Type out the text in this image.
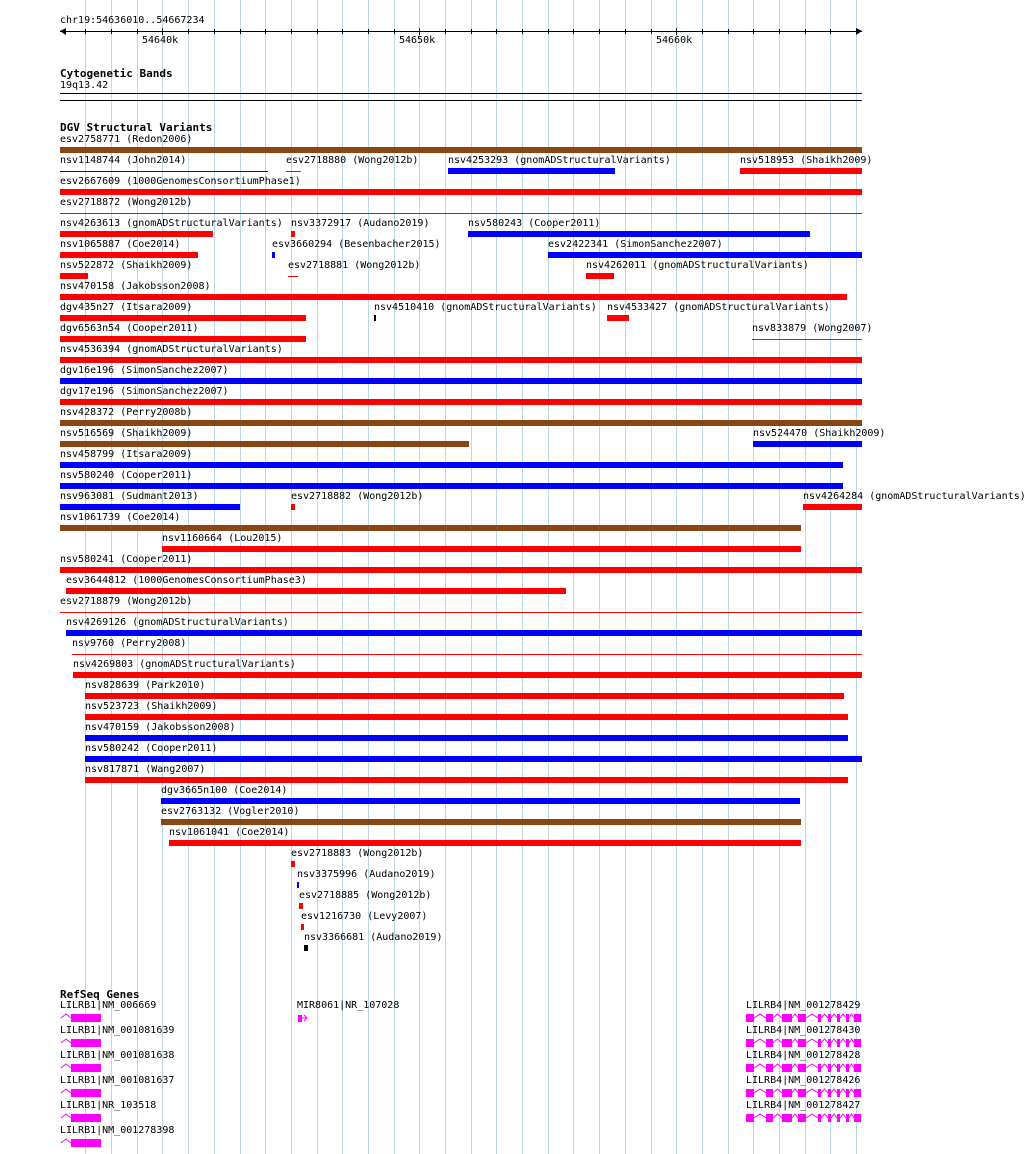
chr19:54636010..54667234
54640k	54650k	54660k
Cytogenetic Bands
19q13.42
DGV Structural Variants
esv2758771 (Redon2006)
nsv1148744 (John2014)	esv2718880 (Wong2012b)	nsv4253293 (gnomADStructuralVariants)	nsv518953 (Shaikh2009)
esv2667609 (1000GenomesConsortiumPhase1)
esv2718872 (Wong2012b)
nsv4263613 (gnomADStructuralVariants) nsv3372917 (Audano2019)	nsv580243 (Cooper2011)
nsv1065887 (Coe2014)	esv3660294 (Besenbacher2015)	esv2422341 (SimonSanchez2007)
nsv522872 (Shaikh2009)	esv2718881 (Wong2012b)	nsv4262011 (gnomADStructuralVariants)
nsv470158 (Jakobsson2008)
dgv435n27 (Itsara2009)	nsv4510410 (gnomADStructuralVariants) nsv4533427 (gnomADStructuralVariants)
dgv6563n54 (Cooper2011)	nsv833879 (Wong2007)
nsv4536394 (gnomADStructuralVariants)
dgv16e196 (SimonSanchez2007)
dgv17e196 (SimonSanchez2007)
nsv428372 (Perry2008b)
nsv516569 (Shaikh2009)	nsv524470 (Shaikh2009)
nsv458799 (Itsara2009)
nsv580240 (Cooper2011)
nsv963081 (Sudmant2013)	esv2718882 (Wong2012b)	nsv4264284 (gnomADStructuralVariants)
nsv1061739 (Coe2014)
nsv1160664 (Lou2015)
nsv580241 (Cooper2011)
esv3644812 (1000GenomesConsortiumPhase3)
esv2718879 (Wong2012b)
nsv4269126 (gnomADStructuralVariants)
nsv9760 (Perry2008)
nsv4269803 (gnomADStructuralVariants)
nsv828639 (Park2010)
nsv523723 (Shaikh2009)
nsv470159 (Jakobsson2008)
nsv580242 (Cooper2011)
nsv817871 (Wang2007)
dgv3665n100 (Coe2014)
esv2763132 (Vogler2010)
nsv1061041 (Coe2014)
esv2718883 (Wong2012b)
nsv3375996 (Audano2019)
esv2718885 (Wong2012b)
esv1216730 (Levy2007)
nsv3366681 (Audano2019)
RefSeq Genes
LILRB1|NM_006669
LILRB1|NM_001081639
LILRB1|NM_001081638
LILRB1|NM_001081637
LILRB1|NR_103518
LILRB1|NM_001278398
MIR8061|NR_107028	LILRB4|NM_001278429
LILRB4|NM_001278430
LILRB4|NM_001278428
LILRB4|NM_001278426
LILRB4|NM_001278427
